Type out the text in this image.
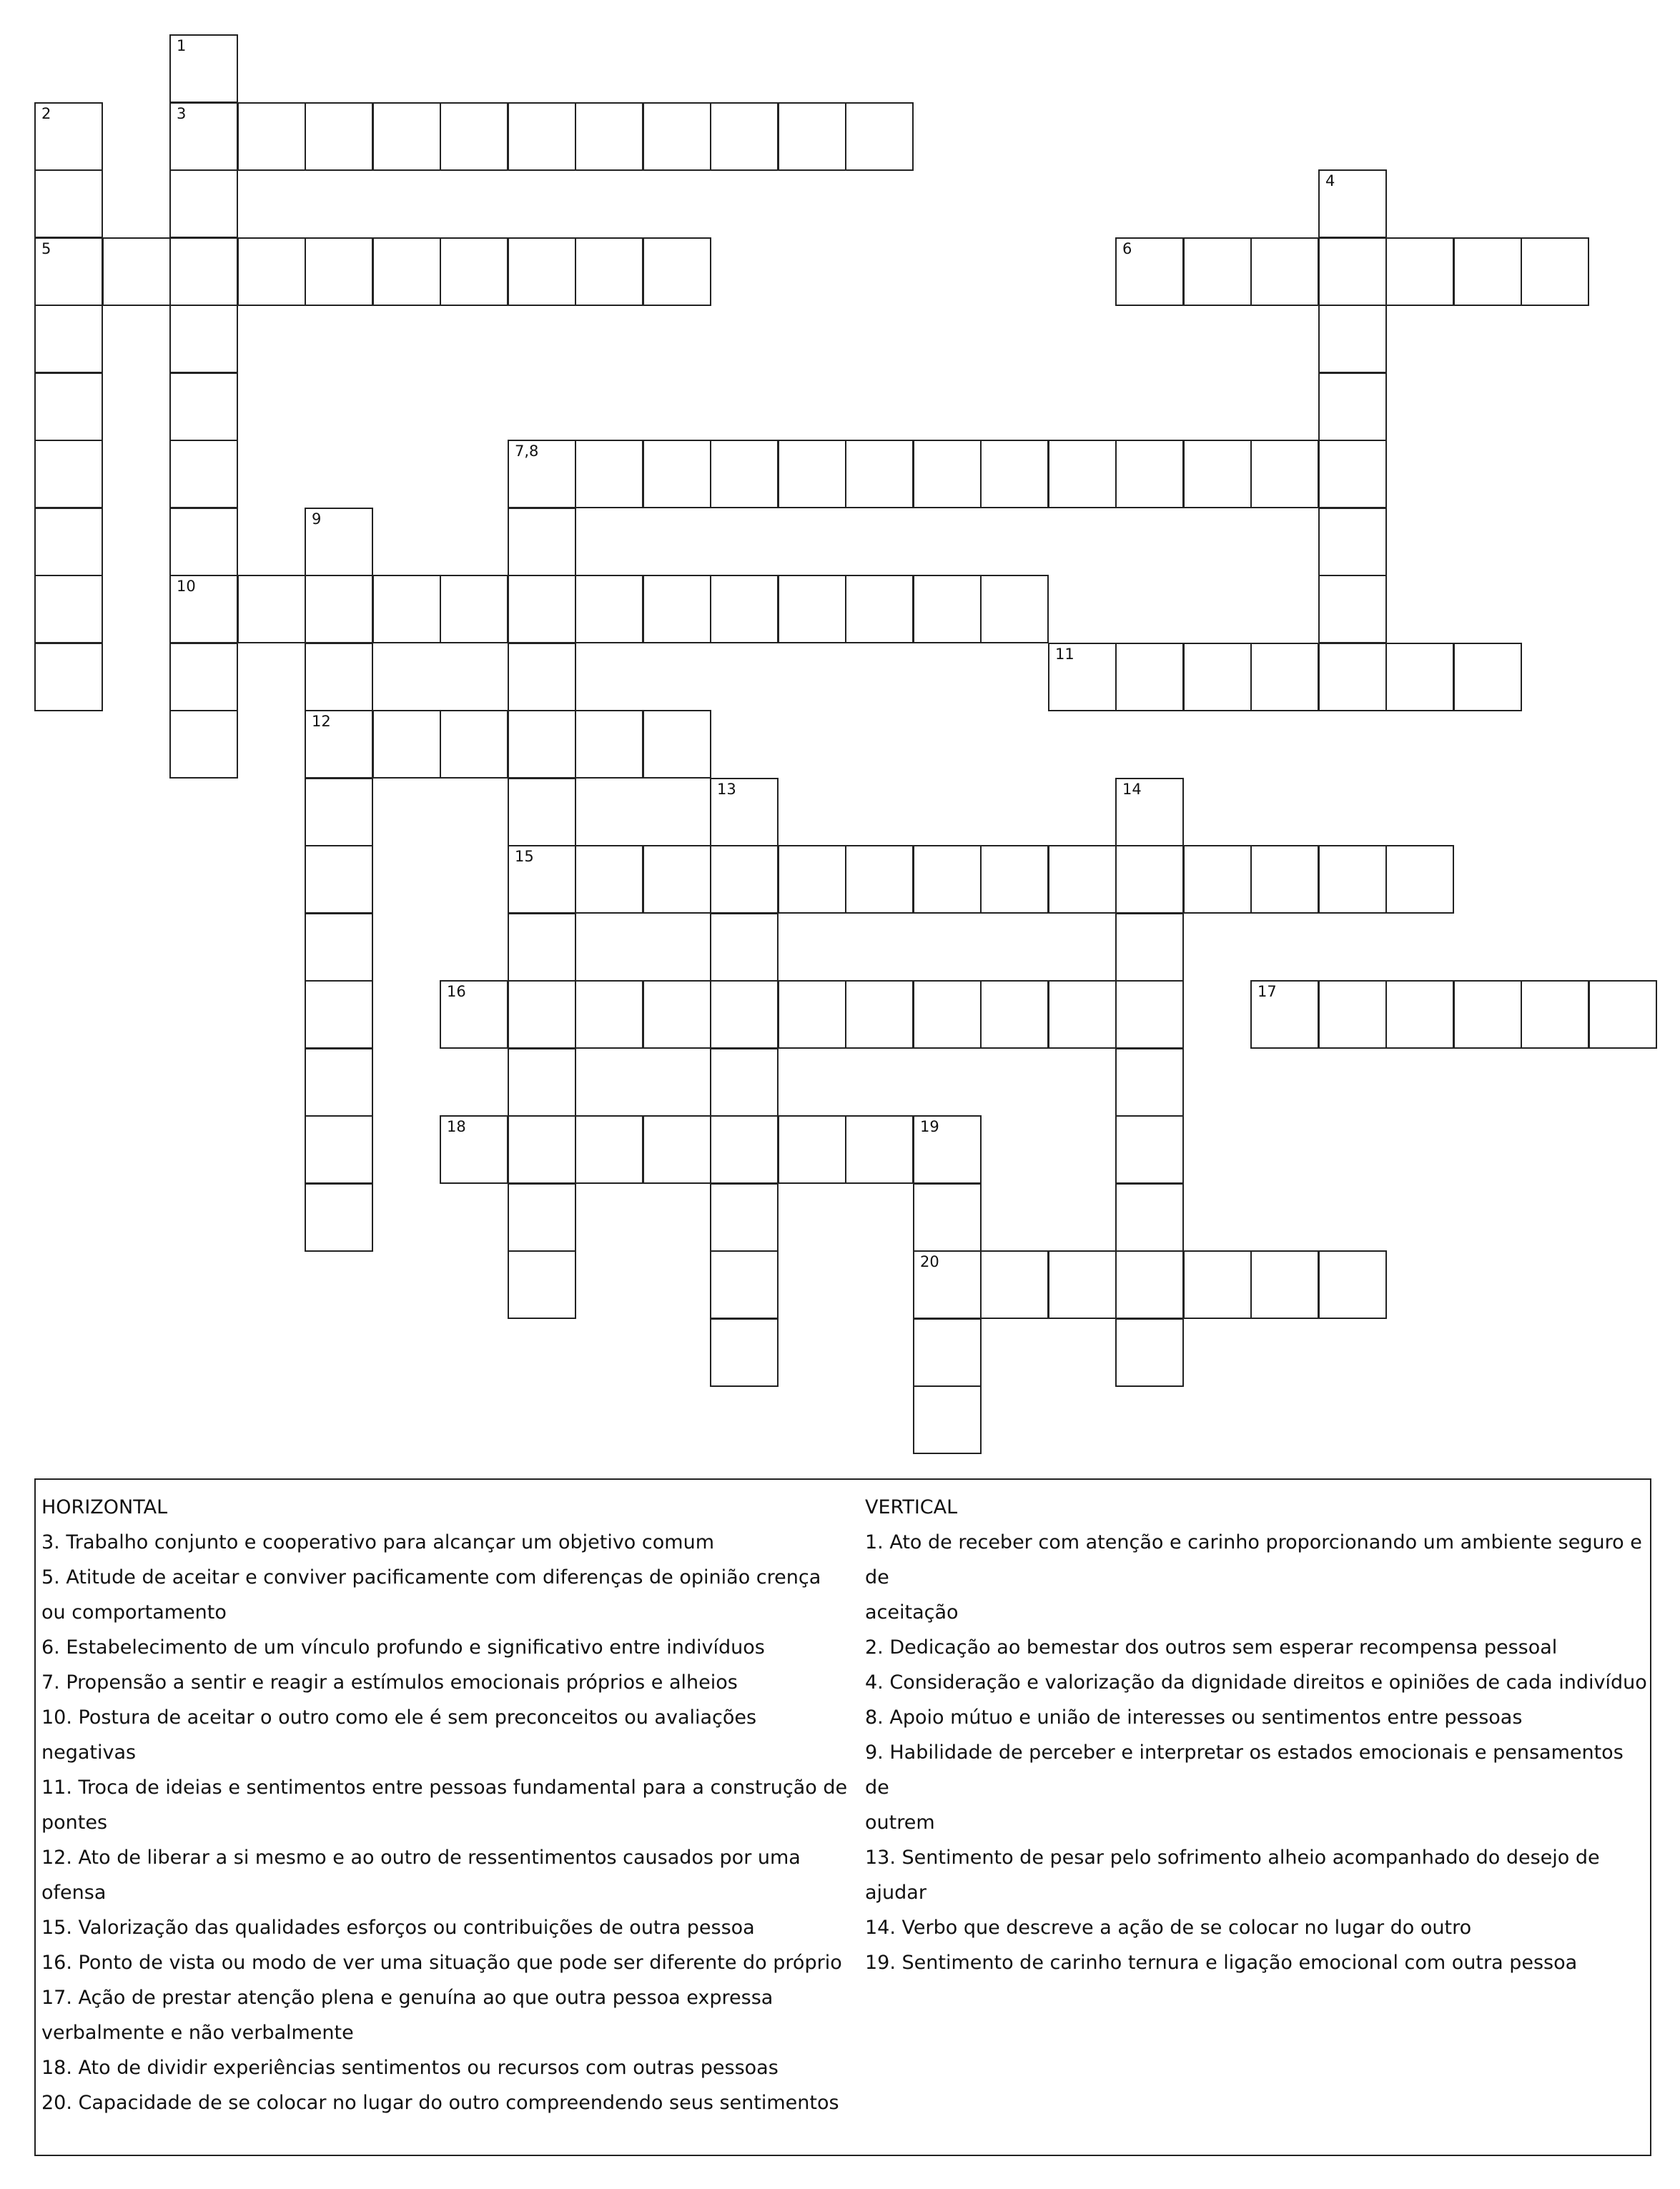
1
2	3
4
5	6
7,8
9
10
11
12
13	14
15
16	17
18	19
20
HORIZONTAL
3. Trabalho conjunto e cooperativo para alcançar um objetivo comum
5. Atitude de aceitar e conviver pacificamente com diferenças de opinião crença
ou comportamento
6. Estabelecimento de um vínculo profundo e significativo entre indivíduos
7. Propensão a sentir e reagir a estímulos emocionais próprios e alheios
10. Postura de aceitar o outro como ele é sem preconceitos ou avaliações
negativas
11. Troca de ideias e sentimentos entre pessoas fundamental para a construção de
pontes
12. Ato de liberar a si mesmo e ao outro de ressentimentos causados por uma
ofensa
15. Valorização das qualidades esforços ou contribuições de outra pessoa
16. Ponto de vista ou modo de ver uma situação que pode ser diferente do próprio
17. Ação de prestar atenção plena e genuína ao que outra pessoa expressa
verbalmente e não verbalmente
18. Ato de dividir experiências sentimentos ou recursos com outras pessoas
20. Capacidade de se colocar no lugar do outro compreendendo seus sentimentos
VERTICAL
1. Ato de receber com atenção e carinho proporcionando um ambiente seguro e de
aceitação
2. Dedicação ao bemestar dos outros sem esperar recompensa pessoal
4. Consideração e valorização da dignidade direitos e opiniões de cada indivíduo
8. Apoio mútuo e união de interesses ou sentimentos entre pessoas
9. Habilidade de perceber e interpretar os estados emocionais e pensamentos de
outrem
13. Sentimento de pesar pelo sofrimento alheio acompanhado do desejo de ajudar
14. Verbo que descreve a ação de se colocar no lugar do outro
19. Sentimento de carinho ternura e ligação emocional com outra pessoa
